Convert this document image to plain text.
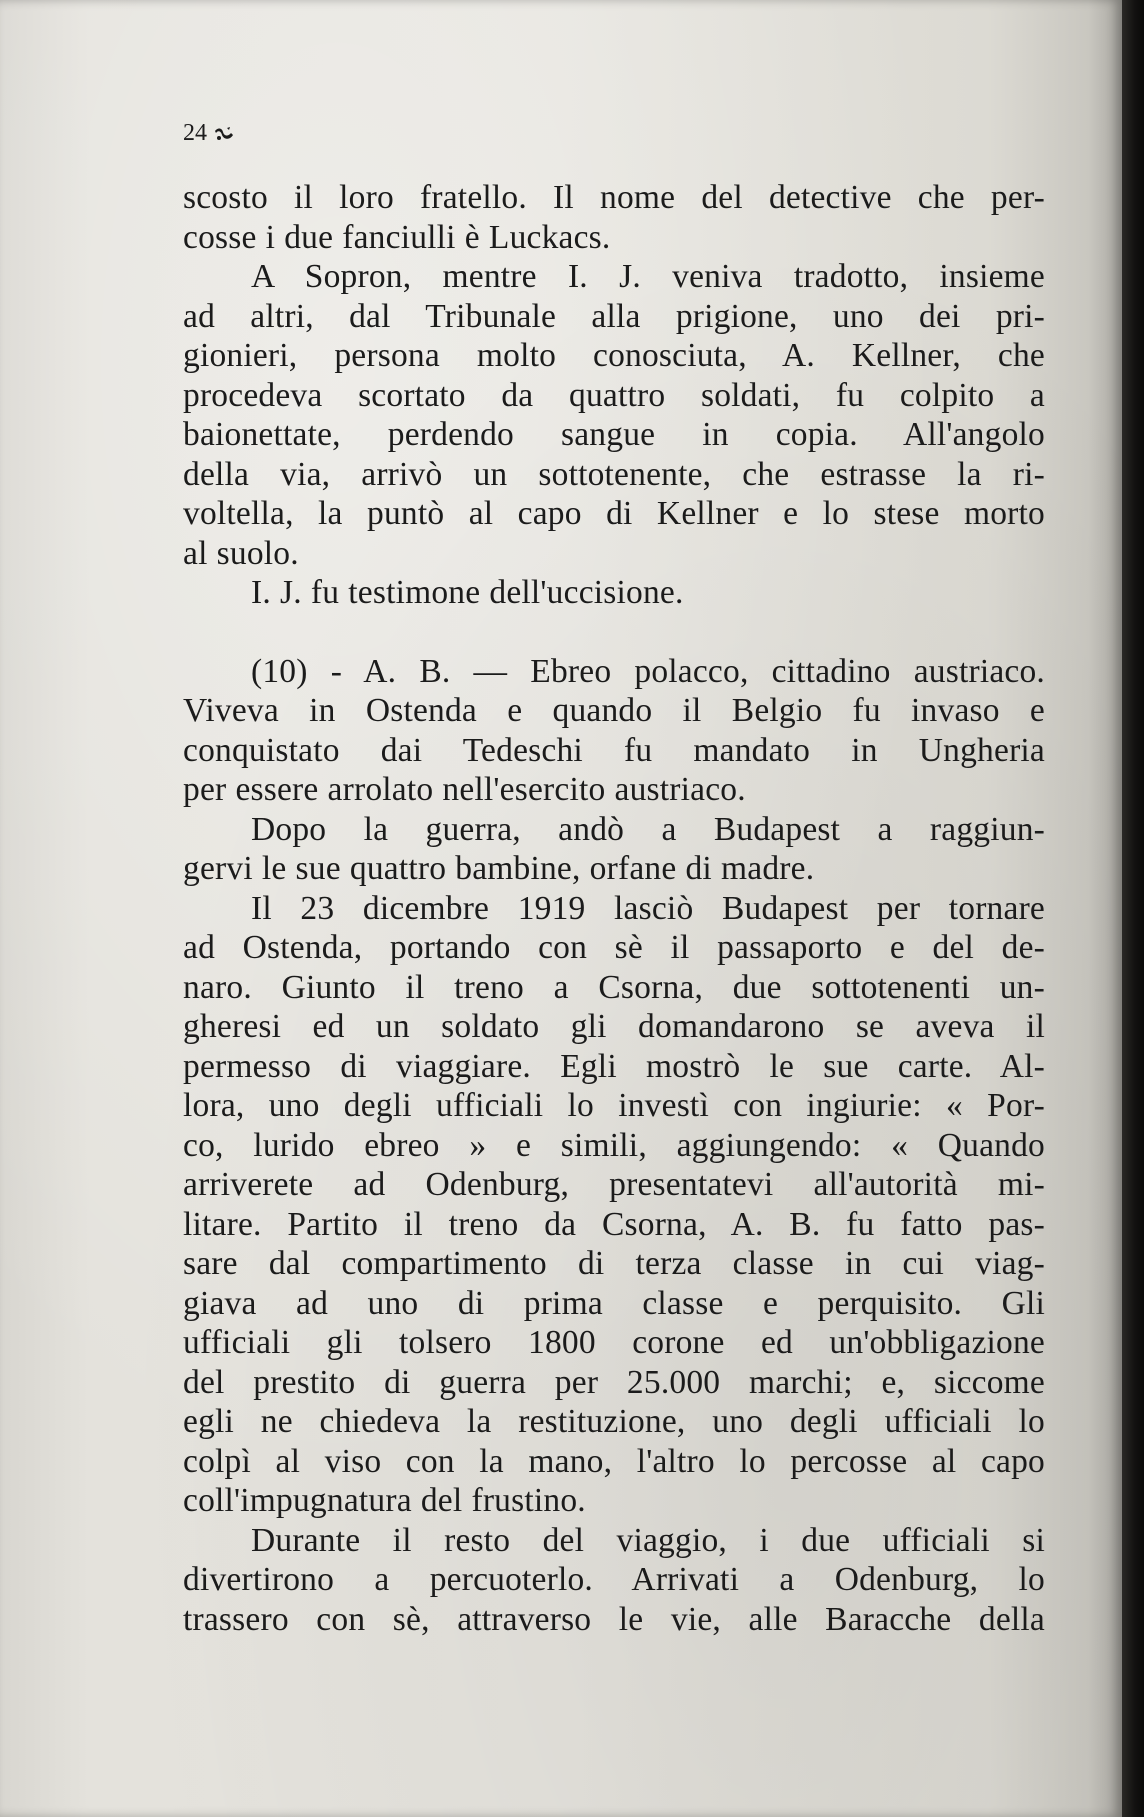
24

scosto il loro fratello. Il nome del detective che per-

cosse i due fanciulli è Luckacs.

A Sopron, mentre I. J. veniva tradotto, insieme

ad altri, dal Tribunale alla prigione, uno dei pri-

gionieri, persona molto conosciuta, A. Kellner, che

procedeva scortato da quattro soldati, fu colpito a

baionettate, perdendo sangue in copia. All'angolo

della via, arrivò un sottotenente, che estrasse la ri-

voltella, la puntò al capo di Kellner e lo stese morto

al suolo.

I. J. fu testimone dell'uccisione.

(10) - A. B. — Ebreo polacco, cittadino austriaco.

Viveva in Ostenda e quando il Belgio fu invaso e

conquistato dai Tedeschi fu mandato in Ungheria

per essere arrolato nell'esercito austriaco.

Dopo la guerra, andò a Budapest a raggiun-

gervi le sue quattro bambine, orfane di madre.

Il 23 dicembre 1919 lasciò Budapest per tornare

ad Ostenda, portando con sè il passaporto e del de-

naro. Giunto il treno a Csorna, due sottotenenti un-

gheresi ed un soldato gli domandarono se aveva il

permesso di viaggiare. Egli mostrò le sue carte. Al-

lora, uno degli ufficiali lo investì con ingiurie: « Por-

co, lurido ebreo » e simili, aggiungendo: « Quando

arriverete ad Odenburg, presentatevi all'autorità mi-

litare. Partito il treno da Csorna, A. B. fu fatto pas-

sare dal compartimento di terza classe in cui viag-

giava ad uno di prima classe e perquisito. Gli

ufficiali gli tolsero 1800 corone ed un'obbligazione

del prestito di guerra per 25.000 marchi; e, siccome

egli ne chiedeva la restituzione, uno degli ufficiali lo

colpì al viso con la mano, l'altro lo percosse al capo

coll'impugnatura del frustino.

Durante il resto del viaggio, i due ufficiali si

divertirono a percuoterlo. Arrivati a Odenburg, lo

trassero con sè, attraverso le vie, alle Baracche della
